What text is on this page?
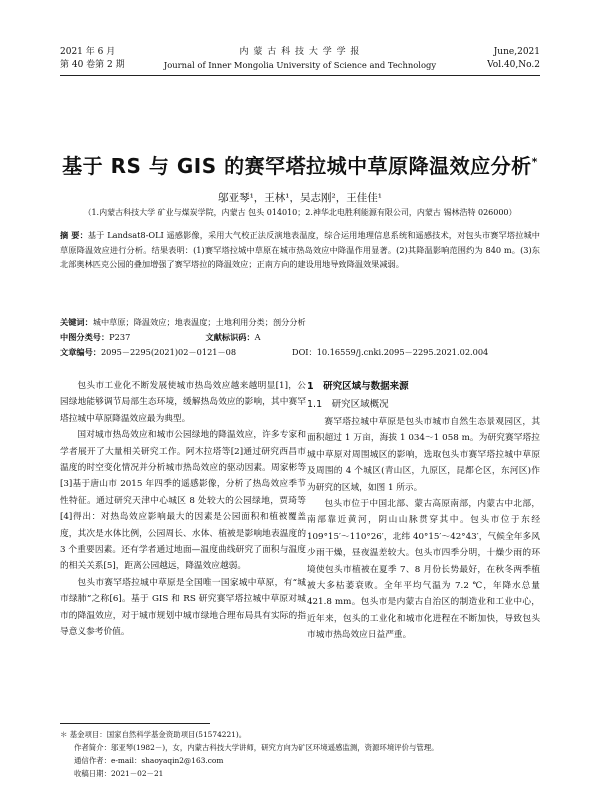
2021 年 6 月
第 40 卷第 2 期
内 蒙 古 科 技 大 学 学 报
Journal of Inner Mongolia University of Science and Technology
June,2021
Vol.40,No.2
基于 RS 与 GIS 的赛罕塔拉城中草原降温效应分析*
邬亚琴¹，王林¹，吴志刚²，王佳佳¹
（1.内蒙古科技大学 矿业与煤炭学院，内蒙古 包头 014010；2.神华北电胜利能源有限公司，内蒙古 锡林浩特 026000）
摘 要：基于 Landsat8-OLI 遥感影像，采用大气校正法反演地表温度，综合运用地理信息系统和遥感技术，对包头市赛罕塔拉城中草原降温效应进行分析。结果表明：(1)赛罕塔拉城中草原在城市热岛效应中降温作用显著。(2)其降温影响范围约为 840 m。(3)东北部奥林匹克公园的叠加增强了赛罕塔拉的降温效应；正南方向的建设用地导致降温效果减弱。
关键词：城中草原；降温效应；地表温度；土地利用分类；剖分分析
中图分类号：P237	文献标识码：A
文章编号：2095－2295(2021)02－0121－08	DOI：10.16559/j.cnki.2095－2295.2021.02.004

包头市工业化不断发展使城市热岛效应越来越明显[1]，公园绿地能够调节局部生态环境，缓解热岛效应的影响，其中赛罕塔拉城中草原降温效应最为典型。

国对城市热岛效应和城市公园绿地的降温效应，许多专家和学者展开了大量相关研究工作。阿木拉塔等[2]通过研究西昌市温度的时空变化情况并分析城市热岛效应的驱动因素。周家彬等[3]基于唐山市 2015 年四季的遥感影像，分析了热岛效应季节性特征。通过研究天津中心城区 8 处较大的公园绿地，贾琦等[4]得出：对热岛效应影响最大的因素是公园面积和植被覆盖度，其次是水体比例，公园周长、水体、植被是影响地表温度的 3 个重要因素。还有学者通过地面—温度曲线研究了面积与温度的相关关系[5]，距离公园越远，降温效应越弱。

包头市赛罕塔拉城中草原是全国唯一国家城中草原，有“城市绿肺”之称[6]。基于 GIS 和 RS 研究赛罕塔拉城中草原对城市的降温效应，对于城市规划中城市绿地合理布局具有实际的指导意义参考价值。

1　研究区域与数据来源
1.1　研究区域概况

赛罕塔拉城中草原是包头市城市自然生态景观园区，其面积超过 1 万亩，海拔 1 034～1 058 m。为研究赛罕塔拉城中草原对周围城区的影响，选取包头市赛罕塔拉城中草原及周围的 4 个城区(青山区，九原区，昆都仑区，东河区)作为研究的区域，如图 1 所示。

包头市位于中国北部、蒙古高原南部，内蒙古中北部，南部靠近黄河，阴山山脉贯穿其中。包头市位于东经 109°15′～110°26′，北纬 40°15′～42°43′，气候全年多风少雨干燥，昼夜温差较大。包头市四季分明，十燥少雨的环境使包头市植被在夏季 7、8 月份长势最好，在秋冬两季植被大多枯萎衰败。全年平均气温为 7.2 ℃，年降水总量 421.8 mm。包头市是内蒙古自治区的制造业和工业中心，近年来，包头的工业化和城市化进程在不断加快，导致包头市城市热岛效应日益严重。

＊ 基金项目：国家自然科学基金资助项目(51574221)。
作者简介：邬亚琴(1982－)，女，内蒙古科技大学讲师，研究方向为矿区环境遥感监测，资源环境评价与管理。
通信作者：e-mail：shaoyaqin2@163.com
收稿日期：2021－02－21
